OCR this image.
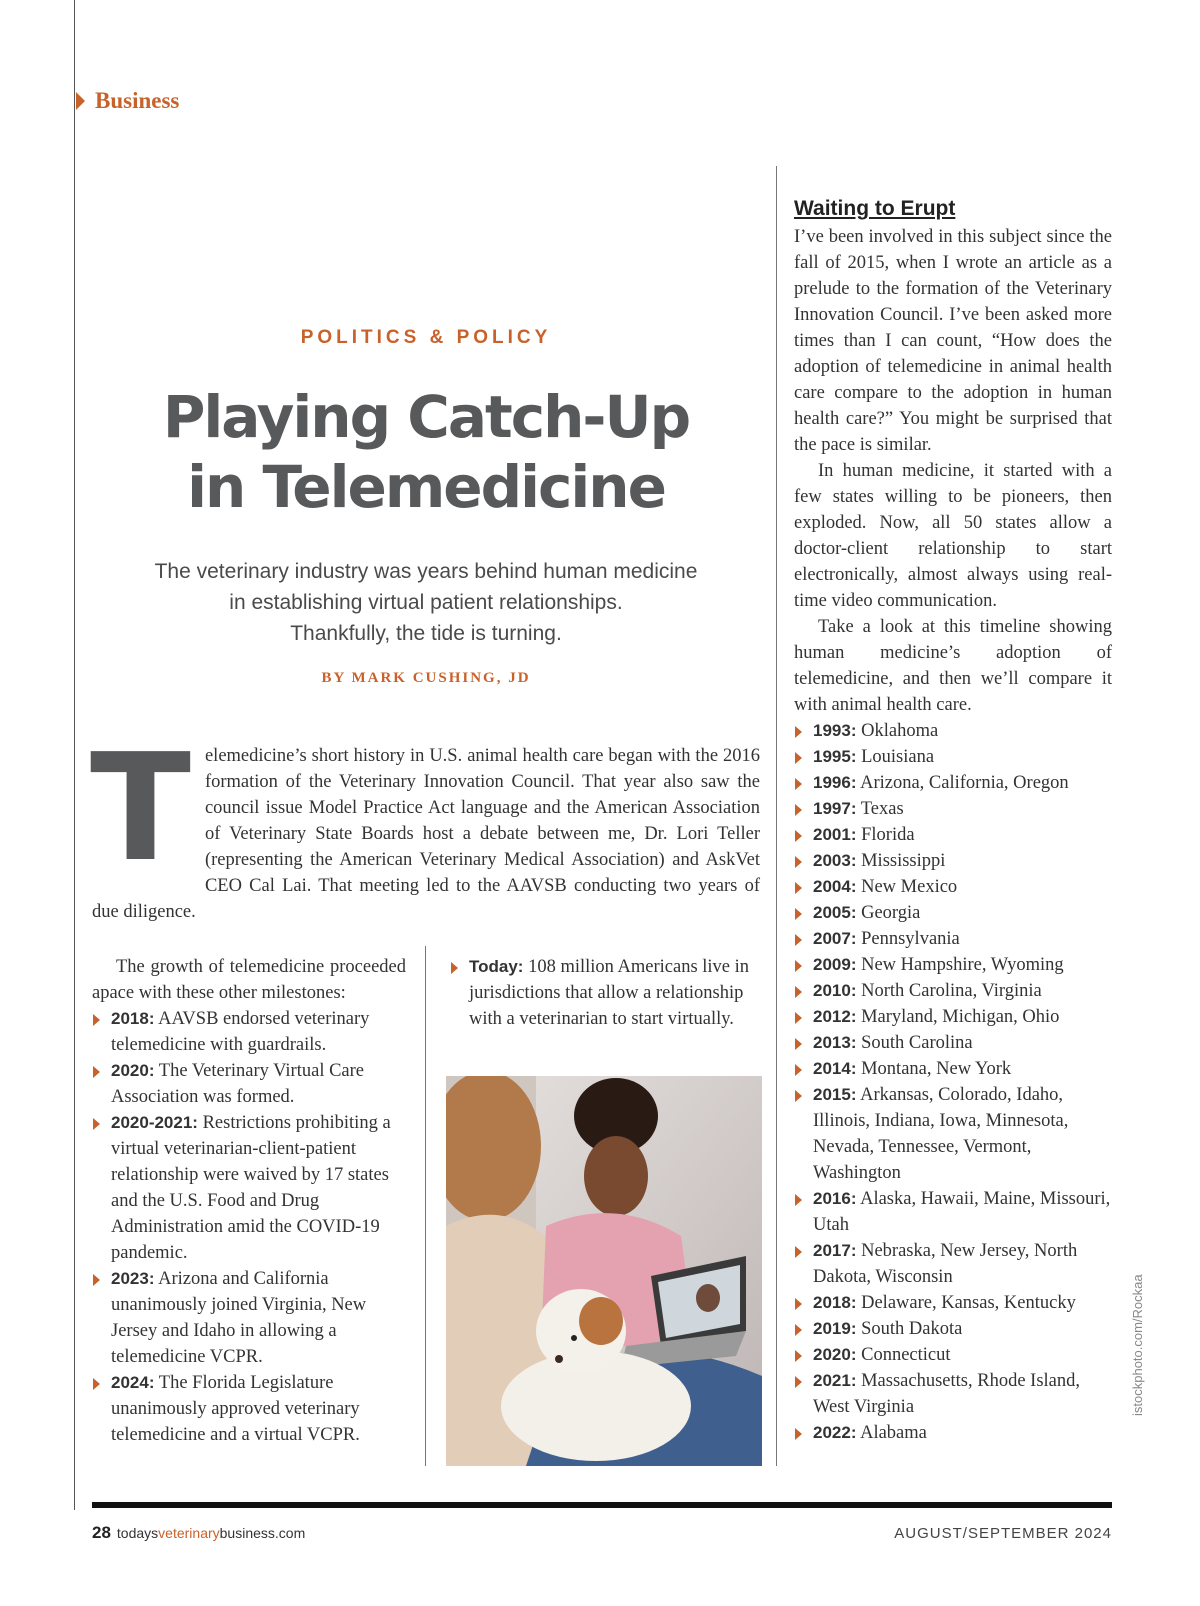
Business
POLITICS & POLICY
Playing Catch-Up
in Telemedicine
The veterinary industry was years behind human medicine
in establishing virtual patient relationships.
Thankfully, the tide is turning.
BY MARK CUSHING, JD
T elemedicine’s short history in U.S. animal health care began with the 2016 formation of the Veterinary Innovation Council. That year also saw the council issue Model Practice Act language and the American Association of Veterinary State Boards host a debate between me, Dr. Lori Teller (representing the American Veterinary Medical Association) and AskVet CEO Cal Lai. That meeting led to the AAVSB conducting two years of due diligence.

The growth of telemedicine proceeded apace with these other milestones:

2018: AAVSB endorsed veterinary telemedicine with guardrails.
2020: The Veterinary Virtual Care Association was formed.
2020-2021: Restrictions prohibiting a virtual veterinarian-client-patient relationship were waived by 17 states and the U.S. Food and Drug Administration amid the COVID-19 pandemic.
2023: Arizona and California unanimously joined Virginia, New Jersey and Idaho in allowing a telemedicine VCPR.
2024: The Florida Legislature unanimously approved veterinary telemedicine and a virtual VCPR.
Today: 108 million Americans live in jurisdictions that allow a relationship with a veterinarian to start virtually.
Waiting to Erupt

I’ve been involved in this subject since the fall of 2015, when I wrote an article as a prelude to the formation of the Veterinary Innovation Council. I’ve been asked more times than I can count, “How does the adoption of telemedicine in animal health care compare to the adoption in human health care?” You might be surprised that the pace is similar.

In human medicine, it started with a few states willing to be pioneers, then exploded. Now, all 50 states allow a doctor-client relationship to start electronically, almost always using real-time video communication.

Take a look at this timeline showing human medicine’s adoption of telemedicine, and then we’ll compare it with animal health care.

1993: Oklahoma
1995: Louisiana
1996: Arizona, California, Oregon
1997: Texas
2001: Florida
2003: Mississippi
2004: New Mexico
2005: Georgia
2007: Pennsylvania
2009: New Hampshire, Wyoming
2010: North Carolina, Virginia
2012: Maryland, Michigan, Ohio
2013: South Carolina
2014: Montana, New York
2015: Arkansas, Colorado, Idaho, Illinois, Indiana, Iowa, Minnesota, Nevada, Tennessee, Vermont, Washington
2016: Alaska, Hawaii, Maine, Missouri, Utah
2017: Nebraska, New Jersey, North Dakota, Wisconsin
2018: Delaware, Kansas, Kentucky
2019: South Dakota
2020: Connecticut
2021: Massachusetts, Rhode Island, West Virginia
2022: Alabama
istockphoto.com/Rockaa
28 todaysveterinarybusiness.com	AUGUST/SEPTEMBER 2024
